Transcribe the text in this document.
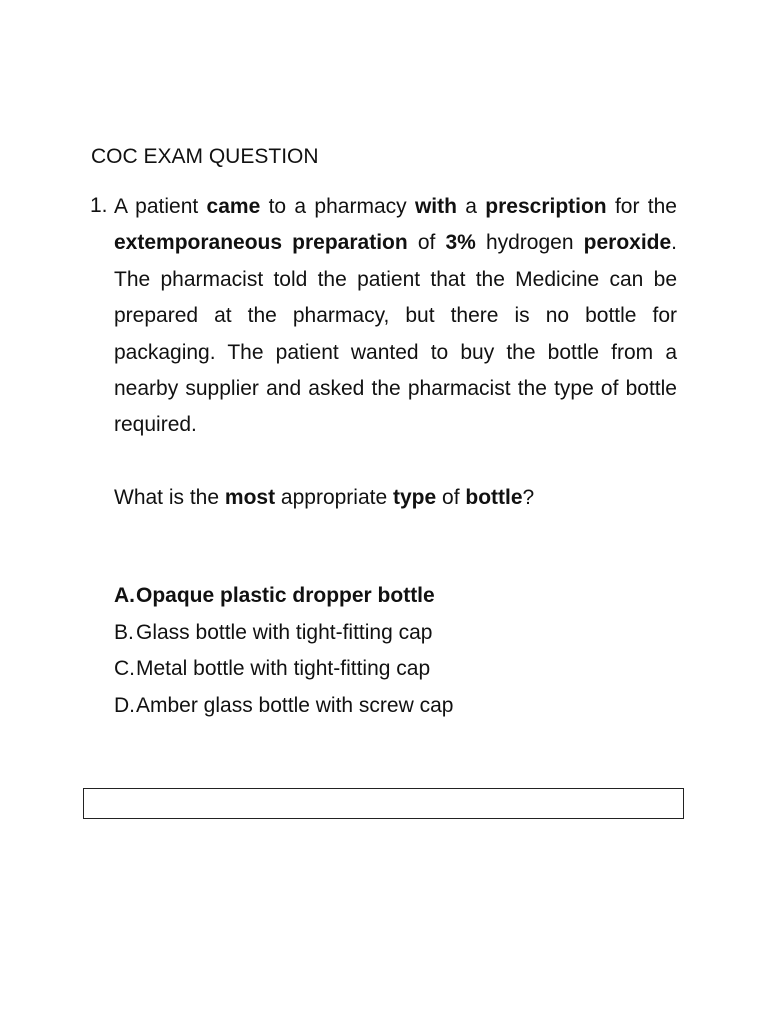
COC EXAM QUESTION
1. A patient came to a pharmacy with a prescription for the extemporaneous preparation of 3% hydrogen peroxide. The pharmacist told the patient that the Medicine can be prepared at the pharmacy, but there is no bottle for packaging. The patient wanted to buy the bottle from a nearby supplier and asked the pharmacist the type of bottle required.

What is the most appropriate type of bottle?

A. Opaque plastic dropper bottle
B. Glass bottle with tight-fitting cap
C. Metal bottle with tight-fitting cap
D. Amber glass bottle with screw cap
